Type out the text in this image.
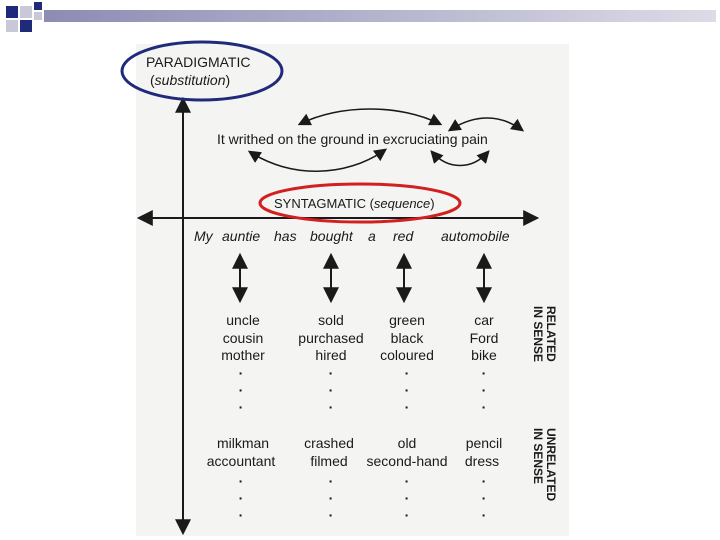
PARADIGMATIC
(substitution)
It writhed on the ground in excruciating pain
SYNTAGMATIC (sequence)
My auntie has bought a red automobile
uncle
cousin
mother
sold
purchased
hired
green
black
coloured
car
Ford
bike
·
·
·
·
·
·
·
·
·
·
·
·
milkman
accountant
crashed
filmed
old
second-hand
pencil
dress
·
·
·
·
·
·
·
·
·
·
·
·
RELATED
IN SENSE
UNRELATED
IN SENSE
